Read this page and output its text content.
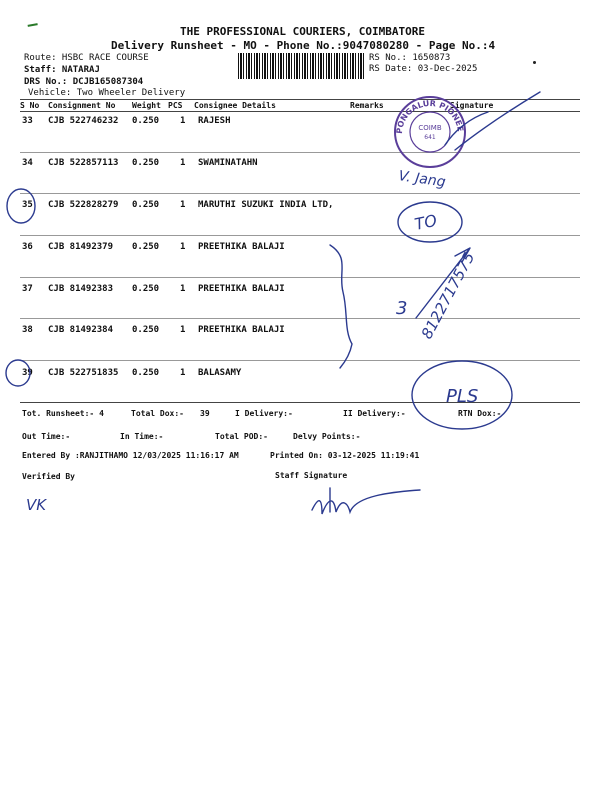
THE PROFESSIONAL COURIERS, COIMBATORE
Delivery Runsheet - MO - Phone No.:9047080280 - Page No.:4
Route: HSBC RACE COURSE
Staff: NATARAJ
DRS No.: DCJB165087304
Vehicle: Two Wheeler Delivery
RS No.: 1650873
RS Date: 03-Dec-2025
S No Consignment No Weight PCS Consignee Details	Remarks	Signature
33 CJB 522746232 0.250 1 RAJESH
34 CJB 522857113 0.250 1 SWAMINATAHN
35 CJB 522828279 0.250 1 MARUTHI SUZUKI INDIA LTD,
36 CJB 81492379 0.250 1 PREETHIKA BALAJI
37 CJB 81492383 0.250 1 PREETHIKA BALAJI
38 CJB 81492384 0.250 1 PREETHIKA BALAJI
39 CJB 522751835 0.250 1 BALASAMY
Tot. Runsheet:- 4	Total Dox:- 39	I Delivery:-	II Delivery:-	RTN Dox:-
Out Time:-	In Time:-	Total POD:-	Delvy Points:-
Entered By :RANJITHAMO 12/03/2025 11:16:17 AM	Printed On: 03-12-2025 11:19:41
Verified By	Staff Signature
PONGALUR PIONEE
COIMB
641
V. Jang
TO
3 8122717575
PLS
VK
